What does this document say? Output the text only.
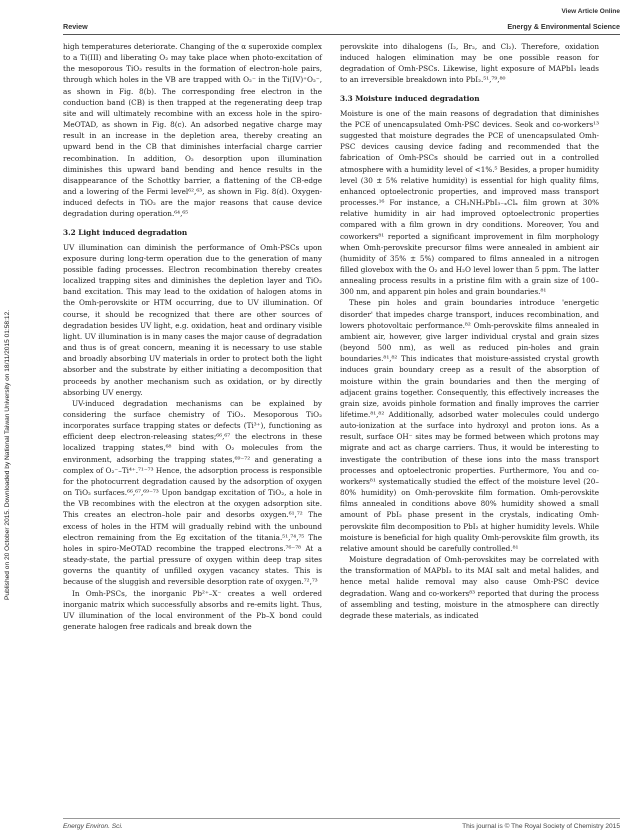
View Article Online
Review	Energy & Environmental Science
Published on 20 October 2015. Downloaded by National Taiwan University on 18/11/2015 01:58:12.

high temperatures deteriorate. Changing of the α superoxide complex to a Ti(III) and liberating O₂ may take place when photo-excitation of the mesoporous TiO₂ results in the formation of electron-hole pairs, through which holes in the VB are trapped with O₂⁻ in the Ti(IV)⁺O₂⁻, as shown in Fig. 8(b). The corresponding free electron in the conduction band (CB) is then trapped at the regenerating deep trap site and will ultimately recombine with an excess hole in the spiro-MeOTAD, as shown in Fig. 8(c). An adsorbed negative charge may result in an increase in the depletion area, thereby creating an upward bend in the CB that diminishes interfacial charge carrier recombination. In addition, O₂ desorption upon illumination diminishes this upward band bending and hence results in the disappearance of the Schottky barrier, a flattening of the CB-edge and a lowering of the Fermi level⁶²,⁶³, as shown in Fig. 8(d). Oxygen-induced defects in TiO₂ are the major reasons that cause device degradation during operation.⁶⁴,⁶⁵

3.2 Light induced degradation

UV illumination can diminish the performance of Omh-PSCs upon exposure during long-term operation due to the generation of many possible fading processes. Electron recombination thereby creates localized trapping sites and diminishes the depletion layer and TiO₂ band excitation. This may lead to the oxidation of halogen atoms in the Omh-perovskite or HTM occurring, due to UV illumination. Of course, it should be recognized that there are other sources of degradation besides UV light, e.g. oxidation, heat and ordinary visible light. UV illumination is in many cases the major cause of degradation and thus is of great concern, meaning it is necessary to use stable and broadly absorbing UV materials in order to protect both the light absorber and the substrate by either initiating a decomposition that proceeds by another mechanism such as oxidation, or by directly absorbing UV energy.

UV-induced degradation mechanisms can be explained by considering the surface chemistry of TiO₂. Mesoporous TiO₂ incorporates surface trapping states or defects (Ti³⁺), functioning as efficient deep electron-releasing states;⁶⁶,⁶⁷ the electrons in these localized trapping states,⁶⁸ bind with O₂ molecules from the environment, adsorbing the trapping states,⁶⁹⁻⁷² and generating a complex of O₂⁻–Ti⁴⁺.⁷¹⁻⁷³ Hence, the adsorption process is responsible for the photocurrent degradation caused by the adsorption of oxygen on TiO₂ surfaces.⁶⁶,⁶⁷,⁶⁹⁻⁷³ Upon bandgap excitation of TiO₂, a hole in the VB recombines with the electron at the oxygen adsorption site. This creates an electron–hole pair and desorbs oxygen.⁶¹,⁷² The excess of holes in the HTM will gradually rebind with the unbound electron remaining from the Eg excitation of the titania.⁵¹,⁷⁴,⁷⁵ The holes in spiro-MeOTAD recombine the trapped electrons.⁷⁶⁻⁷⁸ At a steady-state, the partial pressure of oxygen within deep trap sites governs the quantity of unfilled oxygen vacancy states. This is because of the sluggish and reversible desorption rate of oxygen.⁷²,⁷³

In Omh-PSCs, the inorganic Pb²⁺–X⁻ creates a well ordered inorganic matrix which successfully absorbs and re-emits light. Thus, UV illumination of the local environment of the Pb–X bond could generate halogen free radicals and break down the

perovskite into dihalogens (I₂, Br₂, and Cl₂). Therefore, oxidation induced halogen elimination may be one possible reason for degradation of Omh-PSCs. Likewise, light exposure of MAPbI₃ leads to an irreversible breakdown into PbI₂.⁵¹,⁷⁹,⁸⁰

3.3 Moisture induced degradation

Moisture is one of the main reasons of degradation that diminishes the PCE of unencapsulated Omh-PSC devices. Seok and co-workers¹³ suggested that moisture degrades the PCE of unencapsulated Omh-PSC devices causing device fading and recommended that the fabrication of Omh-PSCs should be carried out in a controlled atmosphere with a humidity level of <1%.⁵ Besides, a proper humidity level (30 ± 5% relative humidity) is essential for high quality films, enhanced optoelectronic properties, and improved mass transport processes.¹⁶ For instance, a CH₃NH₃PbI₃₋ₓClₓ film grown at 30% relative humidity in air had improved optoelectronic properties compared with a film grown in dry conditions. Moreover, You and coworkers⁸¹ reported a significant improvement in film morphology when Omh-perovskite precursor films were annealed in ambient air (humidity of 35% ± 5%) compared to films annealed in a nitrogen filled glovebox with the O₂ and H₂O level lower than 5 ppm. The latter annealing process results in a pristine film with a grain size of 100–300 nm, and apparent pin holes and grain boundaries.⁸¹

These pin holes and grain boundaries introduce 'energetic disorder' that impedes charge transport, induces recombination, and lowers photovoltaic performance.⁸² Omh-perovskite films annealed in ambient air, however, give larger individual crystal and grain sizes (beyond 500 nm), as well as reduced pin-holes and grain boundaries.⁸¹,⁸² This indicates that moisture-assisted crystal growth induces grain boundary creep as a result of the absorption of moisture within the grain boundaries and then the merging of adjacent grains together. Consequently, this effectively increases the grain size, avoids pinhole formation and finally improves the carrier lifetime.⁸¹,⁸² Additionally, adsorbed water molecules could undergo auto-ionization at the surface into hydroxyl and proton ions. As a result, surface OH⁻ sites may be formed between which protons may migrate and act as charge carriers. Thus, it would be interesting to investigate the contribution of these ions into the mass transport processes and optoelectronic properties. Furthermore, You and co-workers⁸¹ systematically studied the effect of the moisture level (20–80% humidity) on Omh-perovskite film formation. Omh-perovskite films annealed in conditions above 80% humidity showed a small amount of PbI₂ phase present in the crystals, indicating Omh-perovskite film decomposition to PbI₂ at higher humidity levels. While moisture is beneficial for high quality Omh-perovskite film growth, its relative amount should be carefully controlled.⁸¹

Moisture degradation of Omh-perovskites may be correlated with the transformation of MAPbI₃ to its MAI salt and metal halides, and hence metal halide removal may also cause Omh-PSC device degradation. Wang and co-workers⁸³ reported that during the process of assembling and testing, moisture in the atmosphere can directly degrade these materials, as indicated

Energy Environ. Sci.	This journal is © The Royal Society of Chemistry 2015
